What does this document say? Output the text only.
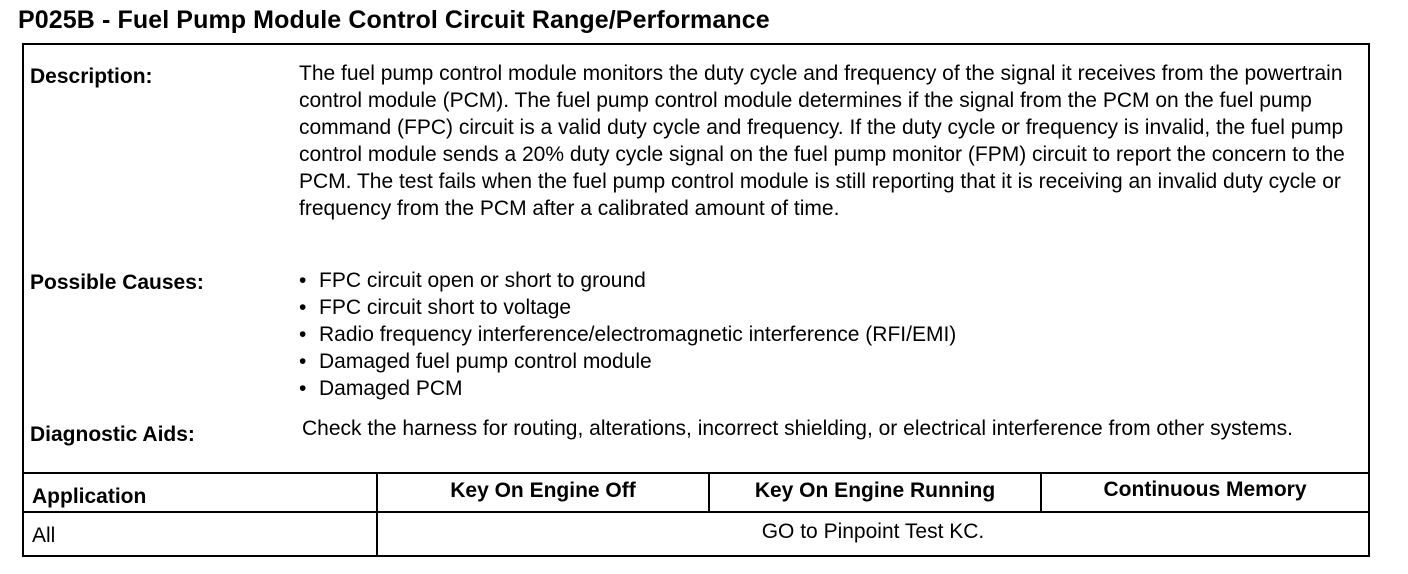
P025B - Fuel Pump Module Control Circuit Range/Performance
Description:	The fuel pump control module monitors the duty cycle and frequency of the signal it receives from the powertrain control module (PCM). The fuel pump control module determines if the signal from the PCM on the fuel pump command (FPC) circuit is a valid duty cycle and frequency. If the duty cycle or frequency is invalid, the fuel pump control module sends a 20% duty cycle signal on the fuel pump monitor (FPM) circuit to report the concern to the PCM. The test fails when the fuel pump control module is still reporting that it is receiving an invalid duty cycle or frequency from the PCM after a calibrated amount of time.
Possible Causes:	• FPC circuit open or short to ground
• FPC circuit short to voltage
• Radio frequency interference/electromagnetic interference (RFI/EMI)
• Damaged fuel pump control module
• Damaged PCM
Diagnostic Aids:	Check the harness for routing, alterations, incorrect shielding, or electrical interference from other systems.
Application	Key On Engine Off	Key On Engine Running	Continuous Memory
All	GO to Pinpoint Test KC.
